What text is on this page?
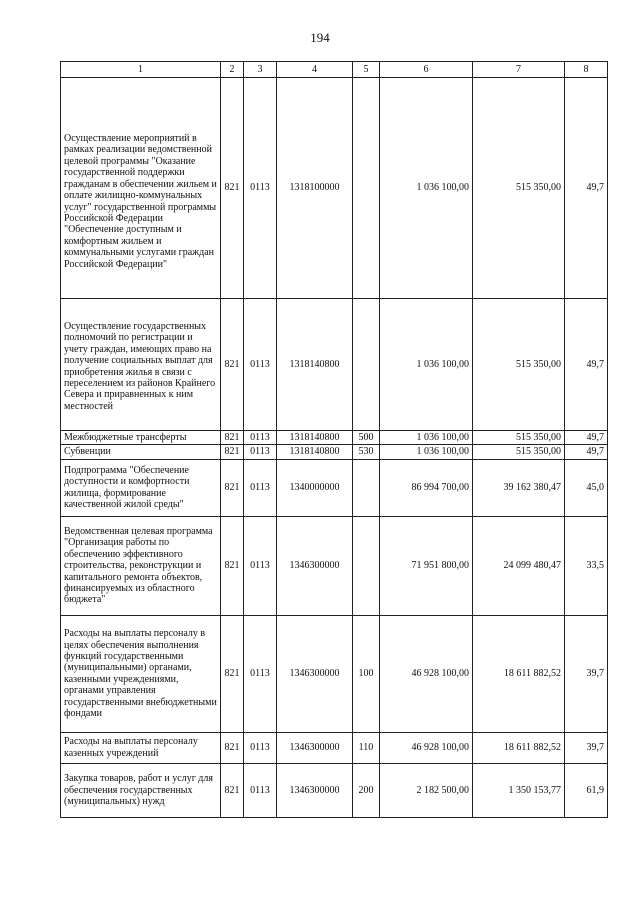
194
1	2	3	4	5	6	7	8
Осуществление мероприятий в рамках реализации ведомственной целевой программы "Оказание государственной поддержки гражданам в обеспечении жильем и оплате жилищно-коммунальных услуг" государственной программы Российской Федерации "Обеспечение доступным и комфортным жильем и коммунальными услугами граждан Российской Федерации"	821	0113	1318100000		1 036 100,00	515 350,00	49,7
Осуществление государственных полномочий по регистрации и учету граждан, имеющих право на получение социальных выплат для приобретения жилья в связи с переселением из районов Крайнего Севера и приравненных к ним местностей	821	0113	1318140800		1 036 100,00	515 350,00	49,7
Межбюджетные трансферты	821	0113	1318140800	500	1 036 100,00	515 350,00	49,7
Субвенции	821	0113	1318140800	530	1 036 100,00	515 350,00	49,7
Подпрограмма "Обеспечение доступности и комфортности жилища, формирование качественной жилой среды"	821	0113	1340000000		86 994 700,00	39 162 380,47	45,0
Ведомственная целевая программа "Организация работы по обеспечению эффективного строительства, реконструкции и капитального ремонта объектов, финансируемых из областного бюджета"	821	0113	1346300000		71 951 800,00	24 099 480,47	33,5
Расходы на выплаты персоналу в целях обеспечения выполнения функций государственными (муниципальными) органами, казенными учреждениями, органами управления государственными внебюджетными фондами	821	0113	1346300000	100	46 928 100,00	18 611 882,52	39,7
Расходы на выплаты персоналу казенных учреждений	821	0113	1346300000	110	46 928 100,00	18 611 882,52	39,7
Закупка товаров, работ и услуг для обеспечения государственных (муниципальных) нужд	821	0113	1346300000	200	2 182 500,00	1 350 153,77	61,9
